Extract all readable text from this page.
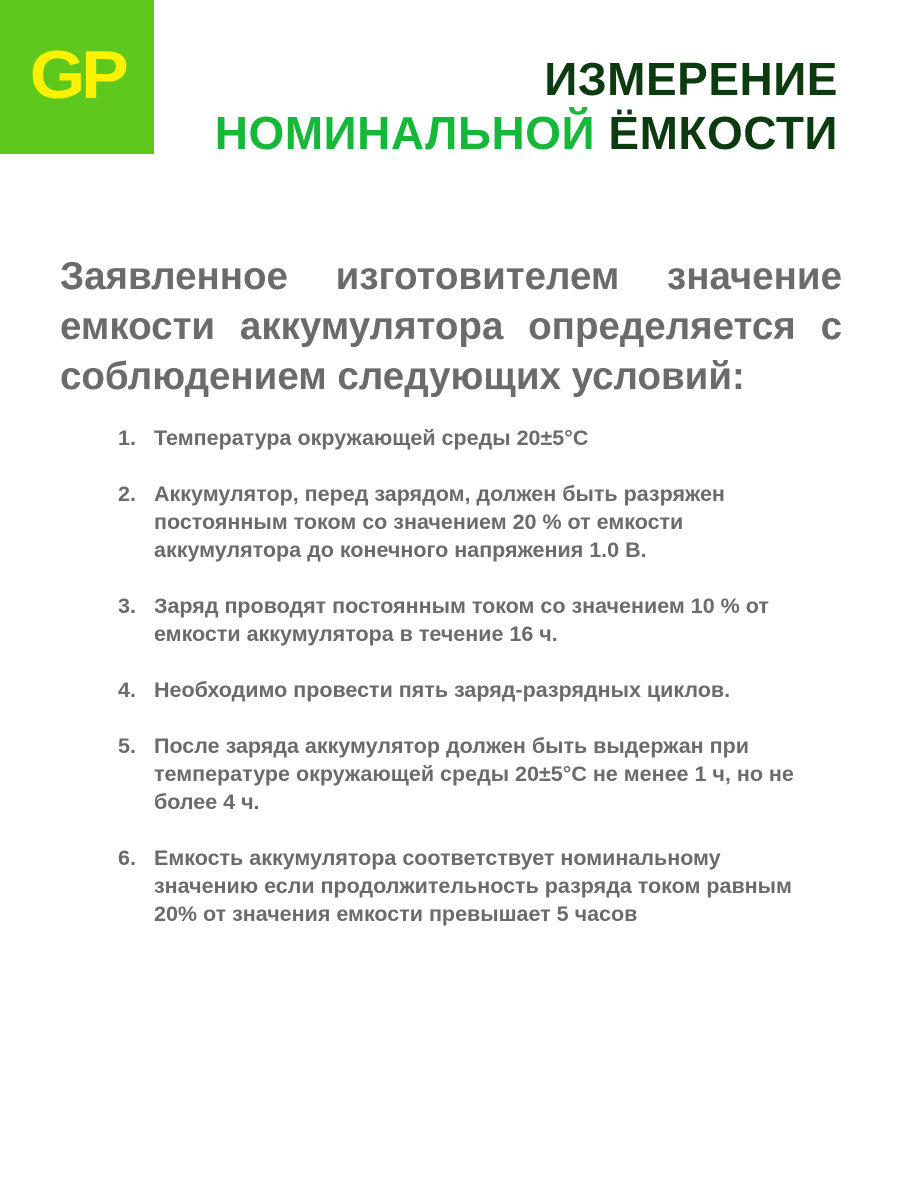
GP	ИЗМЕРЕНИЕ
НОМИНАЛЬНОЙ ЁМКОСТИ
Заявленное изготовителем значение емкости аккумулятора определяется с соблюдением следующих условий:
1. Температура окружающей среды 20±5°С
2. Аккумулятор, перед зарядом, должен быть разряжен постоянным током со значением 20 % от емкости аккумулятора до конечного напряжения 1.0 В.
3. Заряд проводят постоянным током со значением 10 % от емкости аккумулятора в течение 16 ч.
4. Необходимо провести пять заряд-разрядных циклов.
5. После заряда аккумулятор должен быть выдержан при температуре окружающей среды 20±5°С не менее 1 ч, но не более 4 ч.
6. Емкость аккумулятора соответствует номинальному значению если продолжительность разряда током равным 20% от значения емкости превышает 5 часов
